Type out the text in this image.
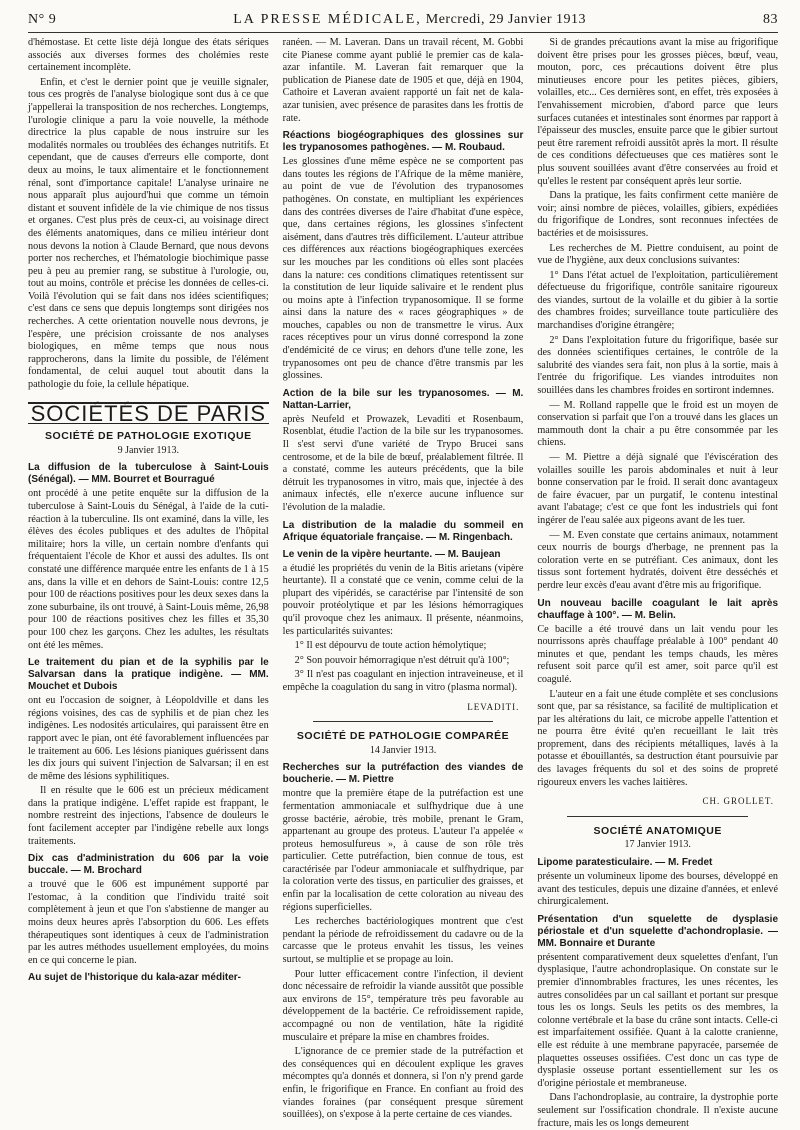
N° 9	LA PRESSE MÉDICALE, Mercredi, 29 Janvier 1913	83

d'hémostase. Et cette liste déjà longue des états sériques associés aux diverses formes des cholémies reste certainement incomplète.

Enfin, et c'est le dernier point que je veuille signaler, tous ces progrès de l'analyse biologique sont dus à ce que j'appellerai la transposition de nos recherches. Longtemps, l'urologie clinique a paru la voie nouvelle, la méthode directrice la plus capable de nous instruire sur les modalités normales ou troublées des échanges nutritifs. Et cependant, que de causes d'erreurs elle comporte, dont deux au moins, le taux alimentaire et le fonctionnement rénal, sont d'importance capitale! L'analyse urinaire ne nous apparaît plus aujourd'hui que comme un témoin distant et souvent infidèle de la vie chimique de nos tissus et organes. C'est plus près de ceux-ci, au voisinage direct des éléments anatomiques, dans ce milieu intérieur dont nous devons la notion à Claude Bernard, que nous devons porter nos recherches, et l'hématologie biochimique passe peu à peu au premier rang, se substitue à l'urologie, ou, tout au moins, contrôle et précise les données de celles-ci. Voilà l'évolution qui se fait dans nos idées scientifiques; c'est dans ce sens que depuis longtemps sont dirigées nos recherches. A cette orientation nouvelle nous devrons, je l'espère, une précision croissante de nos analyses biologiques, en même temps que nous nous rapprocherons, dans la limite du possible, de l'élément fondamental, de celui auquel tout aboutit dans la pathologie du foie, la cellule hépatique.

SOCIÉTÉS DE PARIS
SOCIÉTÉ DE PATHOLOGIE EXOTIQUE
9 Janvier 1913.

La diffusion de la tuberculose à Saint-Louis (Sénégal). — MM. Bourret et Bourragué

ont procédé à une petite enquête sur la diffusion de la tuberculose à Saint-Louis du Sénégal, à l'aide de la cuti-réaction à la tuberculine. Ils ont examiné, dans la ville, les élèves des écoles publiques et des adultes de l'hôpital militaire; hors la ville, un certain nombre d'enfants qui fréquentaient l'école de Khor et aussi des adultes. Ils ont constaté une différence marquée entre les enfants de 1 à 15 ans, dans la ville et en dehors de Saint-Louis: contre 12,5 pour 100 de réactions positives pour les deux sexes dans la zone suburbaine, ils ont trouvé, à Saint-Louis même, 26,98 pour 100 de réactions positives chez les filles et 35,30 pour 100 chez les garçons. Chez les adultes, les résultats ont été les mêmes.

Le traitement du pian et de la syphilis par le Salvarsan dans la pratique indigène. — MM. Mouchet et Dubois

ont eu l'occasion de soigner, à Léopoldville et dans les régions voisines, des cas de syphilis et de pian chez les indigènes. Les nodosités articulaires, qui paraissent être en rapport avec le pian, ont été favorablement influencées par le traitement au 606. Les lésions pianiques guérissent dans les dix jours qui suivent l'injection de Salvarsan; il en est de même des lésions syphilitiques.

Il en résulte que le 606 est un précieux médicament dans la pratique indigène. L'effet rapide est frappant, le nombre restreint des injections, l'absence de douleurs le font facilement accepter par l'indigène rebelle aux longs traitements.

Dix cas d'administration du 606 par la voie buccale. — M. Brochard

a trouvé que le 606 est impunément supporté par l'estomac, à la condition que l'individu traité soit complètement à jeun et que l'on s'abstienne de manger au moins deux heures après l'absorption du 606. Les effets thérapeutiques sont identiques à ceux de l'administration par les autres méthodes usuellement employées, du moins en ce qui concerne le pian.

Au sujet de l'historique du kala-azar méditer-

ranéen. — M. Laveran. Dans un travail récent, M. Gobbi cite Pianese comme ayant publié le premier cas de kala-azar infantile. M. Laveran fait remarquer que la publication de Pianese date de 1905 et que, déjà en 1904, Cathoire et Laveran avaient rapporté un fait net de kala-azar tunisien, avec présence de parasites dans les frottis de rate.

Réactions biogéographiques des glossines sur les trypanosomes pathogènes. — M. Roubaud.

Les glossines d'une même espèce ne se comportent pas dans toutes les régions de l'Afrique de la même manière, au point de vue de l'évolution des trypanosomes pathogènes. On constate, en multipliant les expériences dans des contrées diverses de l'aire d'habitat d'une espèce, que, dans certaines régions, les glossines s'infectent aisément, dans d'autres très difficilement. L'auteur attribue ces différences aux réactions biogéographiques exercées sur les mouches par les conditions où elles sont placées dans la nature: ces conditions climatiques retentissent sur la constitution de leur liquide salivaire et le rendent plus ou moins apte à l'infection trypanosomique. Il se forme ainsi dans la nature des « races géographiques » de mouches, capables ou non de transmettre le virus. Aux races réceptives pour un virus donné correspond la zone d'endémicité de ce virus; en dehors d'une telle zone, les trypanosomes ont peu de chance d'être transmis par les glossines.

Action de la bile sur les trypanosomes. — M. Nattan-Larrier,

après Neufeld et Prowazek, Levaditi et Rosenbaum, Rosenblat, étudie l'action de la bile sur les trypanosomes. Il s'est servi d'une variété de Trypo Brucei sans centrosome, et de la bile de bœuf, préalablement filtrée. Il a constaté, comme les auteurs précédents, que la bile détruit les trypanosomes in vitro, mais que, injectée à des animaux infectés, elle n'exerce aucune influence sur l'évolution de la maladie.

La distribution de la maladie du sommeil en Afrique équatoriale française. — M. Ringenbach.

Le venin de la vipère heurtante. — M. Baujean

a étudié les propriétés du venin de la Bitis arietans (vipère heurtante). Il a constaté que ce venin, comme celui de la plupart des vipéridés, se caractérise par l'intensité de son pouvoir protéolytique et par les lésions hémorragiques qu'il provoque chez les animaux. Il présente, néanmoins, les particularités suivantes:

1° Il est dépourvu de toute action hémolytique;

2° Son pouvoir hémorragique n'est détruit qu'à 100°;

3° Il n'est pas coagulant en injection intraveineuse, et il empêche la coagulation du sang in vitro (plasma normal).

LEVADITI.
SOCIÉTÉ DE PATHOLOGIE COMPARÉE
14 Janvier 1913.

Recherches sur la putréfaction des viandes de boucherie. — M. Piettre

montre que la première étape de la putréfaction est une fermentation ammoniacale et sulfhydrique due à une grosse bactérie, aérobie, très mobile, prenant le Gram, appartenant au groupe des proteus. L'auteur l'a appelée « proteus hemosulfureus », à cause de son rôle très particulier. Cette putréfaction, bien connue de tous, est caractérisée par l'odeur ammoniacale et sulfhydrique, par la coloration verte des tissus, en particulier des graisses, et enfin par la localisation de cette coloration au niveau des régions superficielles.

Les recherches bactériologiques montrent que c'est pendant la période de refroidissement du cadavre ou de la carcasse que le proteus envahit les tissus, les veines surtout, se multiplie et se propage au loin.

Pour lutter efficacement contre l'infection, il devient donc nécessaire de refroidir la viande aussitôt que possible aux environs de 15°, température très peu favorable au développement de la bactérie. Ce refroidissement rapide, accompagné ou non de ventilation, hâte la rigidité musculaire et prépare la mise en chambres froides.

L'ignorance de ce premier stade de la putréfaction et des conséquences qui en découlent explique les graves mécomptes qu'a donnés et donnera, si l'on n'y prend garde enfin, le frigorifique en France. En confiant au froid des viandes foraines (par conséquent presque sûrement souillées), on s'expose à la perte certaine de ces viandes.

Si de grandes précautions avant la mise au frigorifique doivent être prises pour les grosses pièces, bœuf, veau, mouton, porc, ces précautions doivent être plus minutieuses encore pour les petites pièces, gibiers, volailles, etc... Ces dernières sont, en effet, très exposées à l'envahissement microbien, d'abord parce que leurs surfaces cutanées et intestinales sont énormes par rapport à l'épaisseur des muscles, ensuite parce que le gibier surtout peut être rarement refroidi aussitôt après la mort. Il résulte de ces conditions défectueuses que ces matières sont le plus souvent souillées avant d'être conservées au froid et qu'elles le restent par conséquent après leur sortie.

Dans la pratique, les faits confirment cette manière de voir; ainsi nombre de pièces, volailles, gibiers, expédiées du frigorifique de Londres, sont reconnues infectées de bactéries et de moisissures.

Les recherches de M. Piettre conduisent, au point de vue de l'hygiène, aux deux conclusions suivantes:

1° Dans l'état actuel de l'exploitation, particulièrement défectueuse du frigorifique, contrôle sanitaire rigoureux des viandes, surtout de la volaille et du gibier à la sortie des chambres froides; surveillance toute particulière des marchandises d'origine étrangère;

2° Dans l'exploitation future du frigorifique, basée sur des données scientifiques certaines, le contrôle de la salubrité des viandes sera fait, non plus à la sortie, mais à l'entrée du frigorifique. Les viandes introduites non souillées dans les chambres froides en sortiront indemnes.

— M. Rolland rappelle que le froid est un moyen de conservation si parfait que l'on a trouvé dans les glaces un mammouth dont la chair a pu être consommée par les chiens.

— M. Piettre a déjà signalé que l'éviscération des volailles souille les parois abdominales et nuit à leur bonne conservation par le froid. Il serait donc avantageux de faire évacuer, par un purgatif, le contenu intestinal avant l'abatage; c'est ce que font les industriels qui font ingérer de l'eau salée aux pigeons avant de les tuer.

— M. Even constate que certains animaux, notamment ceux nourris de bourgs d'herbage, ne prennent pas la coloration verte en se putréfiant. Ces animaux, dont les tissus sont fortement hydratés, doivent être desséchés et perdre leur excès d'eau avant d'être mis au frigorifique.

Un nouveau bacille coagulant le lait après chauffage à 100°. — M. Belin.

Ce bacille a été trouvé dans un lait vendu pour les nourrissons après chauffage préalable à 100° pendant 40 minutes et que, pendant les temps chauds, les mères refusent soit parce qu'il est amer, soit parce qu'il est coagulé.

L'auteur en a fait une étude complète et ses conclusions sont que, par sa résistance, sa facilité de multiplication et par les altérations du lait, ce microbe appelle l'attention et ne pourra être évité qu'en recueillant le lait très proprement, dans des récipients métalliques, lavés à la potasse et ébouillantés, sa destruction étant poursuivie par des lavages fréquents du sol et des soins de propreté rigoureux envers les vaches laitières.

CH. GROLLET.
SOCIÉTÉ ANATOMIQUE
17 Janvier 1913.

Lipome paratesticulaire. — M. Fredet

présente un volumineux lipome des bourses, développé en avant des testicules, depuis une dizaine d'années, et enlevé chirurgicalement.

Présentation d'un squelette de dysplasie périostale et d'un squelette d'achondroplasie. — MM. Bonnaire et Durante

présentent comparativement deux squelettes d'enfant, l'un dysplasique, l'autre achondroplasique. On constate sur le premier d'innombrables fractures, les unes récentes, les autres consolidées par un cal saillant et portant sur presque tous les os longs. Seuls les petits os des membres, la colonne vertébrale et la base du crâne sont intacts. Celle-ci est imparfaitement ossifiée. Quant à la calotte cranienne, elle est réduite à une membrane papyracée, parsemée de plaquettes osseuses ossifiées. C'est donc un cas type de dysplasie osseuse portant essentiellement sur les os d'origine périostale et membraneuse.

Dans l'achondroplasie, au contraire, la dystrophie porte seulement sur l'ossification chondrale. Il n'existe aucune fracture, mais les os longs demeurent
